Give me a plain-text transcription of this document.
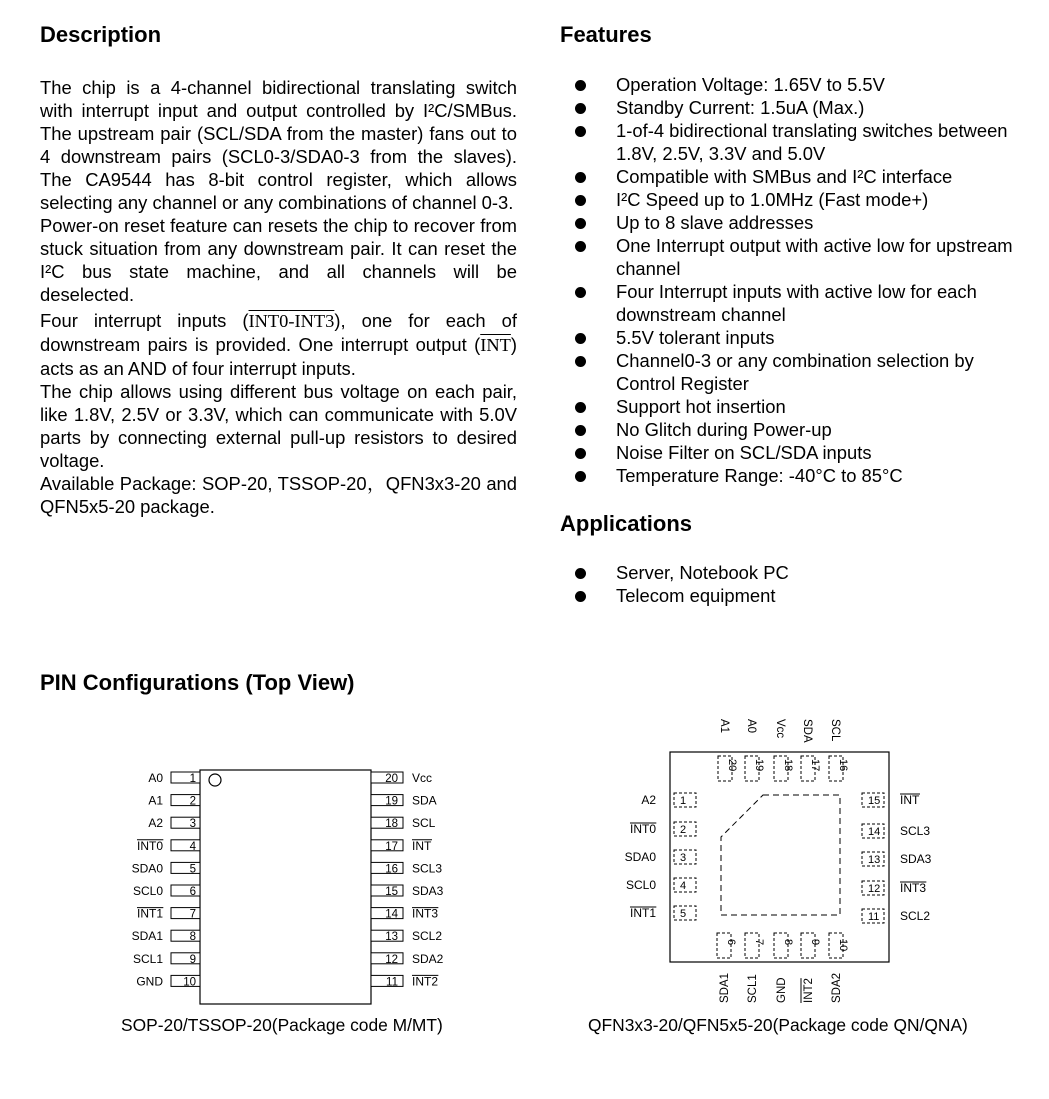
Description

The chip is a 4-channel bidirectional translating switch with interrupt input and output controlled by I²C/SMBus. The upstream pair (SCL/SDA from the master) fans out to 4 downstream pairs (SCL0-3/SDA0-3 from the slaves). The CA9544 has 8-bit control register, which allows selecting any channel or any combinations of channel 0-3.

Power-on reset feature can resets the chip to recover from stuck situation from any downstream pair. It can reset the I²C bus state machine, and all channels will be deselected.

Four interrupt inputs (INT0-INT3), one for each of downstream pairs is provided. One interrupt output $(\overline{INT})$ acts as an AND of four interrupt inputs.

The chip allows using different bus voltage on each pair, like 1.8V, 2.5V or 3.3V, which can communicate with 5.0V parts by connecting external pull-up resistors to desired voltage.

Available Package: SOP-20, TSSOP-20，QFN3x3-20 and QFN5x5-20 package.

Features
Operation Voltage: 1.65V to 5.5V
Standby Current: 1.5uA (Max.)
1-of-4 bidirectional translating switches between 1.8V, 2.5V, 3.3V and 5.0V
Compatible with SMBus and I²C interface
I²C Speed up to 1.0MHz (Fast mode+)
Up to 8 slave addresses
One Interrupt output with active low for upstream channel
Four Interrupt inputs with active low for each downstream channel
5.5V tolerant inputs
Channel0-3 or any combination selection by Control Register
Support hot insertion
No Glitch during Power-up
Noise Filter on SCL/SDA inputs
Temperature Range: -40°C to 85°C
Applications
Server, Notebook PC
Telecom equipment
PIN Configurations (Top View)
1
A0
2
A1
3
A2
4
INT0
5
SDA0
6
SCL0
7
INT1
8
SDA1
9
SCL1
10
GND
20 Vcc
19 SDA
18 SCL
17 INT
16 SCL3
15 SDA3
14 INT3
13 SCL2
12 SDA2
11 INT2
SOP-20/TSSOP-20(Package code M/MT)
20
A1
19
A0
18
Vcc
17
SDA
16
SCL
6
SDA1
7
SCL1
8
GND
9
INT2
10
SDA2
1
A2
2
INT0
3
SDA0
4
SCL0
5
INT1
15 INT
14 SCL3
13 SDA3
12 INT3
11 SCL2
QFN3x3-20/QFN5x5-20(Package code QN/QNA)
